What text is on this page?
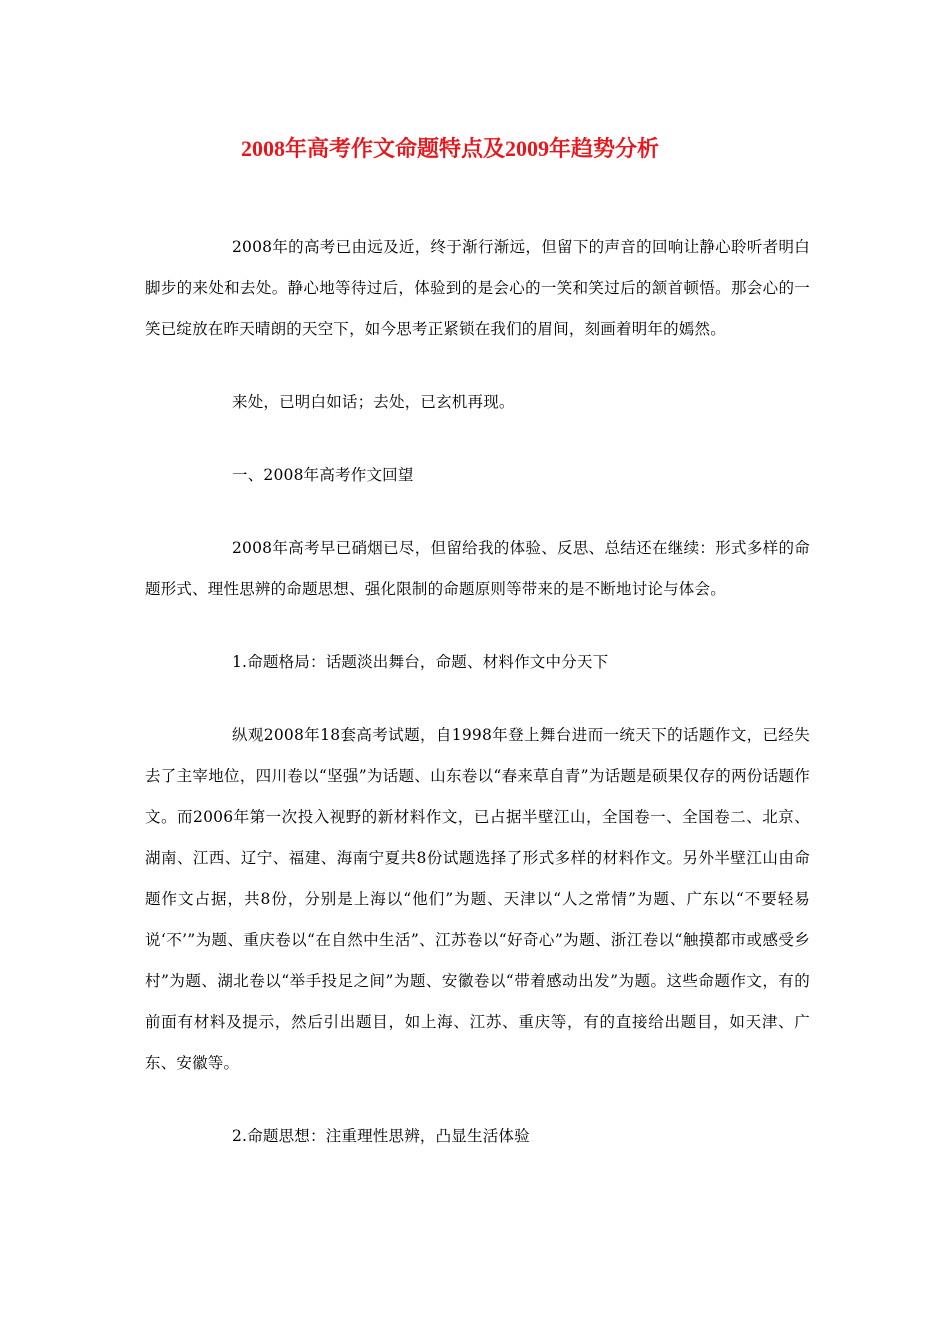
2008年高考作文命题特点及2009年趋势分析

2008年的高考已由远及近，终于渐行渐远，但留下的声音的回响让静心聆听者明白脚步的来处和去处。静心地等待过后，体验到的是会心的一笑和笑过后的颔首顿悟。那会心的一笑已绽放在昨天晴朗的天空下，如今思考正紧锁在我们的眉间，刻画着明年的嫣然。

来处，已明白如话；去处，已玄机再现。

一、2008年高考作文回望

2008年高考早已硝烟已尽，但留给我的体验、反思、总结还在继续：形式多样的命题形式、理性思辨的命题思想、强化限制的命题原则等带来的是不断地讨论与体会。

1.命题格局：话题淡出舞台，命题、材料作文中分天下

纵观2008年18套高考试题，自1998年登上舞台进而一统天下的话题作文，已经失去了主宰地位，四川卷以“坚强”为话题、山东卷以“春来草自青”为话题是硕果仅存的两份话题作文。而2006年第一次投入视野的新材料作文，已占据半壁江山，全国卷一、全国卷二、北京、湖南、江西、辽宁、福建、海南宁夏共8份试题选择了形式多样的材料作文。另外半壁江山由命题作文占据，共8份，分别是上海以“他们”为题、天津以“人之常情”为题、广东以“不要轻易说‘不’”为题、重庆卷以“在自然中生活”、江苏卷以“好奇心”为题、浙江卷以“触摸都市或感受乡村”为题、湖北卷以“举手投足之间”为题、安徽卷以“带着感动出发”为题。这些命题作文，有的前面有材料及提示，然后引出题目，如上海、江苏、重庆等，有的直接给出题目，如天津、广东、安徽等。

2.命题思想：注重理性思辨，凸显生活体验
